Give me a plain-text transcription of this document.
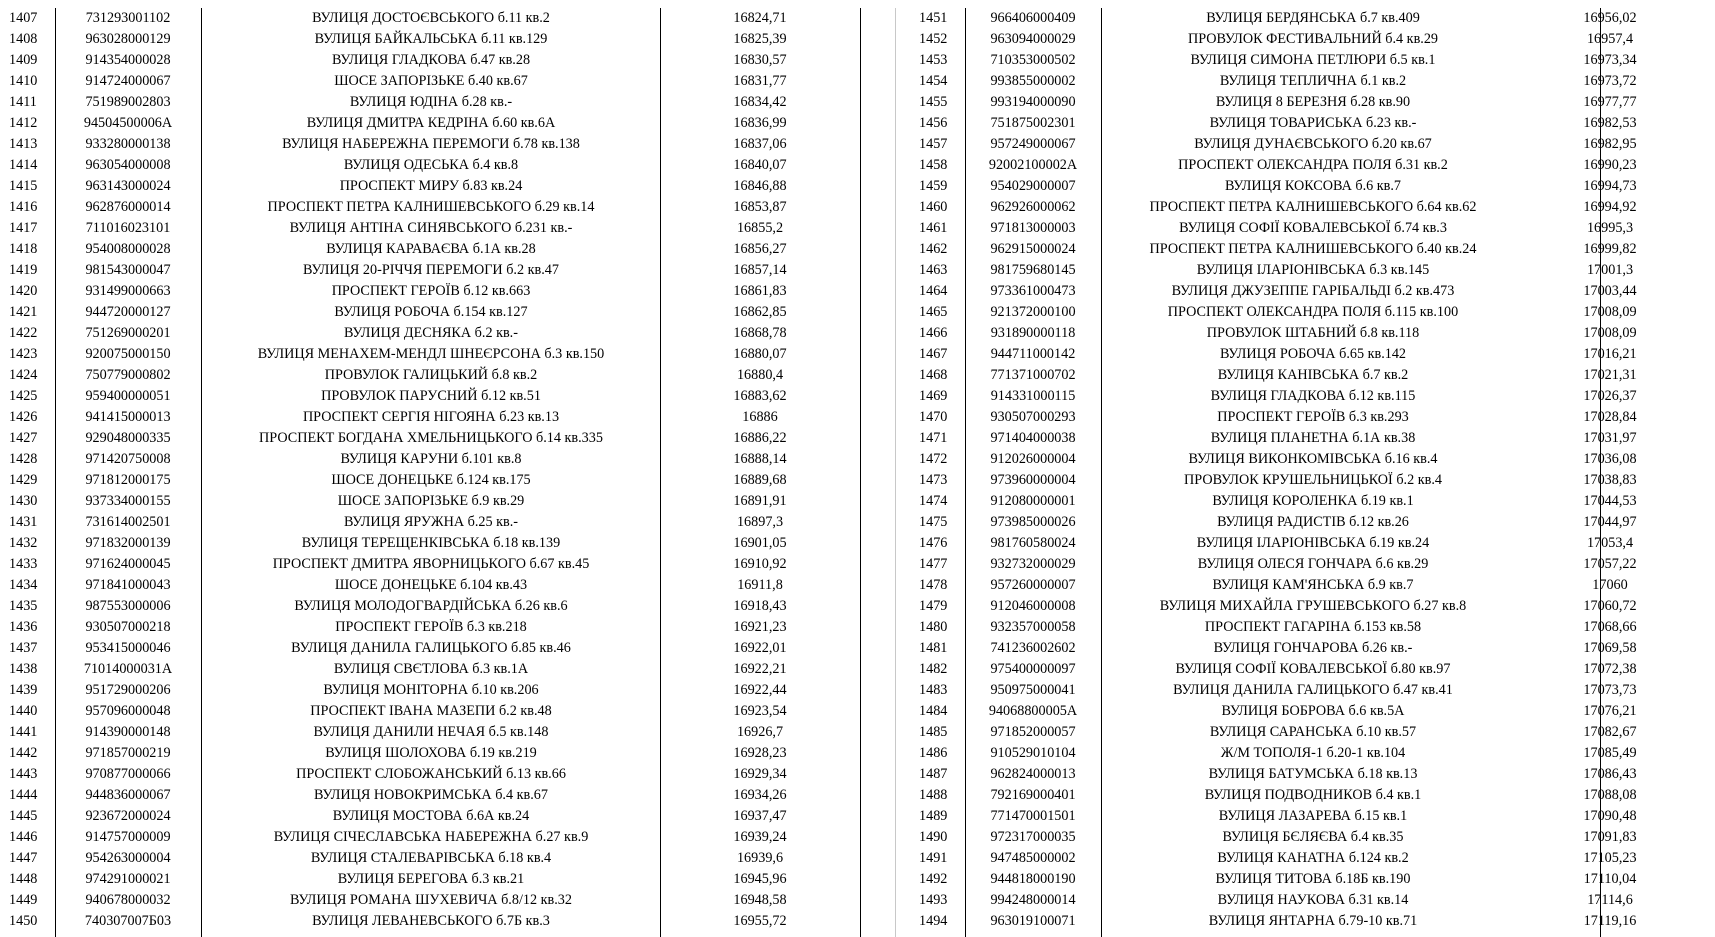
1407	731293001102	ВУЛИЦЯ ДОСТОЄВСЬКОГО б.11 кв.2	16824,71
1408	963028000129	ВУЛИЦЯ БАЙКАЛЬСЬКА б.11 кв.129	16825,39
1409	914354000028	ВУЛИЦЯ ГЛАДКОВА б.47 кв.28	16830,57
1410	914724000067	ШОСЕ ЗАПОРІЗЬКЕ б.40 кв.67	16831,77
1411	751989002803	ВУЛИЦЯ ЮДІНА б.28 кв.-	16834,42
1412	94504500006А	ВУЛИЦЯ ДМИТРА КЕДРІНА б.60 кв.6А	16836,99
1413	933280000138	ВУЛИЦЯ НАБЕРЕЖНА ПЕРЕМОГИ б.78 кв.138	16837,06
1414	963054000008	ВУЛИЦЯ ОДЕСЬКА б.4 кв.8	16840,07
1415	963143000024	ПРОСПЕКТ МИРУ б.83 кв.24	16846,88
1416	962876000014	ПРОСПЕКТ ПЕТРА КАЛНИШЕВСЬКОГО б.29 кв.14	16853,87
1417	711016023101	ВУЛИЦЯ АНТІНА СИНЯВСЬКОГО б.231 кв.-	16855,2
1418	954008000028	ВУЛИЦЯ КАРАВАЄВА б.1А кв.28	16856,27
1419	981543000047	ВУЛИЦЯ 20-РІЧЧЯ ПЕРЕМОГИ б.2 кв.47	16857,14
1420	931499000663	ПРОСПЕКТ ГЕРОЇВ б.12 кв.663	16861,83
1421	944720000127	ВУЛИЦЯ РОБОЧА б.154 кв.127	16862,85
1422	751269000201	ВУЛИЦЯ ДЕСНЯКА б.2 кв.-	16868,78
1423	920075000150	ВУЛИЦЯ МЕНАХЕМ-МЕНДЛ ШНЕЄРСОНА б.3 кв.150	16880,07
1424	750779000802	ПРОВУЛОК ГАЛИЦЬКИЙ б.8 кв.2	16880,4
1425	959400000051	ПРОВУЛОК ПАРУСНИЙ б.12 кв.51	16883,62
1426	941415000013	ПРОСПЕКТ СЕРГІЯ НІГОЯНА б.23 кв.13	16886
1427	929048000335	ПРОСПЕКТ БОГДАНА ХМЕЛЬНИЦЬКОГО б.14 кв.335	16886,22
1428	971420750008	ВУЛИЦЯ КАРУНИ б.101 кв.8	16888,14
1429	971812000175	ШОСЕ ДОНЕЦЬКЕ б.124 кв.175	16889,68
1430	937334000155	ШОСЕ ЗАПОРІЗЬКЕ б.9 кв.29	16891,91
1431	731614002501	ВУЛИЦЯ ЯРУЖНА б.25 кв.-	16897,3
1432	971832000139	ВУЛИЦЯ ТЕРЕЩЕНКІВСЬКА б.18 кв.139	16901,05
1433	971624000045	ПРОСПЕКТ ДМИТРА ЯВОРНИЦЬКОГО б.67 кв.45	16910,92
1434	971841000043	ШОСЕ ДОНЕЦЬКЕ б.104 кв.43	16911,8
1435	987553000006	ВУЛИЦЯ МОЛОДОГВАРДІЙСЬКА б.26 кв.6	16918,43
1436	930507000218	ПРОСПЕКТ ГЕРОЇВ б.3 кв.218	16921,23
1437	953415000046	ВУЛИЦЯ ДАНИЛА ГАЛИЦЬКОГО б.85 кв.46	16922,01
1438	71014000031А	ВУЛИЦЯ СВЄТЛОВА б.3 кв.1А	16922,21
1439	951729000206	ВУЛИЦЯ МОНІТОРНА б.10 кв.206	16922,44
1440	957096000048	ПРОСПЕКТ ІВАНА МАЗЕПИ б.2 кв.48	16923,54
1441	914390000148	ВУЛИЦЯ ДАНИЛИ НЕЧАЯ б.5 кв.148	16926,7
1442	971857000219	ВУЛИЦЯ ШОЛОХОВА б.19 кв.219	16928,23
1443	970877000066	ПРОСПЕКТ СЛОБОЖАНСЬКИЙ б.13 кв.66	16929,34
1444	944836000067	ВУЛИЦЯ НОВОКРИМСЬКА б.4 кв.67	16934,26
1445	923672000024	ВУЛИЦЯ МОСТОВА б.6А кв.24	16937,47
1446	914757000009	ВУЛИЦЯ СІЧЕСЛАВСЬКА НАБЕРЕЖНА б.27 кв.9	16939,24
1447	954263000004	ВУЛИЦЯ СТАЛЕВАРІВСЬКА б.18 кв.4	16939,6
1448	974291000021	ВУЛИЦЯ БЕРЕГОВА б.3 кв.21	16945,96
1449	940678000032	ВУЛИЦЯ РОМАНА ШУХЕВИЧА б.8/12 кв.32	16948,58
1450	740307007Б03	ВУЛИЦЯ ЛЕВАНЕВСЬКОГО б.7Б кв.3	16955,72
1451	966406000409	ВУЛИЦЯ БЕРДЯНСЬКА б.7 кв.409	16956,02
1452	963094000029	ПРОВУЛОК ФЕСТИВАЛЬНИЙ б.4 кв.29	16957,4
1453	710353000502	ВУЛИЦЯ СИМОНА ПЕТЛЮРИ б.5 кв.1	16973,34
1454	993855000002	ВУЛИЦЯ ТЕПЛИЧНА б.1 кв.2	16973,72
1455	993194000090	ВУЛИЦЯ 8 БЕРЕЗНЯ б.28 кв.90	16977,77
1456	751875002301	ВУЛИЦЯ ТОВАРИСЬКА б.23 кв.-	16982,53
1457	957249000067	ВУЛИЦЯ ДУНАЄВСЬКОГО б.20 кв.67	16982,95
1458	92002100002А	ПРОСПЕКТ ОЛЕКСАНДРА ПОЛЯ б.31 кв.2	16990,23
1459	954029000007	ВУЛИЦЯ КОКСОВА б.6 кв.7	16994,73
1460	962926000062	ПРОСПЕКТ ПЕТРА КАЛНИШЕВСЬКОГО б.64 кв.62	16994,92
1461	971813000003	ВУЛИЦЯ СОФІЇ КОВАЛЕВСЬКОЇ б.74 кв.3	16995,3
1462	962915000024	ПРОСПЕКТ ПЕТРА КАЛНИШЕВСЬКОГО б.40 кв.24	16999,82
1463	981759680145	ВУЛИЦЯ ІЛАРІОНІВСЬКА б.3 кв.145	17001,3
1464	973361000473	ВУЛИЦЯ ДЖУЗЕППЕ ГАРІБАЛЬДІ б.2 кв.473	17003,44
1465	921372000100	ПРОСПЕКТ ОЛЕКСАНДРА ПОЛЯ б.115 кв.100	17008,09
1466	931890000118	ПРОВУЛОК ШТАБНИЙ б.8 кв.118	17008,09
1467	944711000142	ВУЛИЦЯ РОБОЧА б.65 кв.142	17016,21
1468	771371000702	ВУЛИЦЯ КАНІВСЬКА б.7 кв.2	17021,31
1469	914331000115	ВУЛИЦЯ ГЛАДКОВА б.12 кв.115	17026,37
1470	930507000293	ПРОСПЕКТ ГЕРОЇВ б.3 кв.293	17028,84
1471	971404000038	ВУЛИЦЯ ПЛАНЕТНА б.1А кв.38	17031,97
1472	912026000004	ВУЛИЦЯ ВИКОНКОМІВСЬКА б.16 кв.4	17036,08
1473	973960000004	ПРОВУЛОК КРУШЕЛЬНИЦЬКОЇ б.2 кв.4	17038,83
1474	912080000001	ВУЛИЦЯ КОРОЛЕНКА б.19 кв.1	17044,53
1475	973985000026	ВУЛИЦЯ РАДИСТІВ б.12 кв.26	17044,97
1476	981760580024	ВУЛИЦЯ ІЛАРІОНІВСЬКА б.19 кв.24	17053,4
1477	932732000029	ВУЛИЦЯ ОЛЕСЯ ГОНЧАРА б.6 кв.29	17057,22
1478	957260000007	ВУЛИЦЯ КАМ'ЯНСЬКА б.9 кв.7	17060
1479	912046000008	ВУЛИЦЯ МИХАЙЛА ГРУШЕВСЬКОГО б.27 кв.8	17060,72
1480	932357000058	ПРОСПЕКТ ГАГАРІНА б.153 кв.58	17068,66
1481	741236002602	ВУЛИЦЯ ГОНЧАРОВА б.26 кв.-	17069,58
1482	975400000097	ВУЛИЦЯ СОФІЇ КОВАЛЕВСЬКОЇ б.80 кв.97	17072,38
1483	950975000041	ВУЛИЦЯ ДАНИЛА ГАЛИЦЬКОГО б.47 кв.41	17073,73
1484	94068800005А	ВУЛИЦЯ БОБРОВА б.6 кв.5А	17076,21
1485	971852000057	ВУЛИЦЯ САРАНСЬКА б.10 кв.57	17082,67
1486	910529010104	Ж/М ТОПОЛЯ-1 б.20-1 кв.104	17085,49
1487	962824000013	ВУЛИЦЯ БАТУМСЬКА б.18 кв.13	17086,43
1488	792169000401	ВУЛИЦЯ ПОДВОДНИКОВ б.4 кв.1	17088,08
1489	771470001501	ВУЛИЦЯ ЛАЗАРЕВА б.15 кв.1	17090,48
1490	972317000035	ВУЛИЦЯ БЄЛЯЄВА б.4 кв.35	17091,83
1491	947485000002	ВУЛИЦЯ КАНАТНА б.124 кв.2	17105,23
1492	944818000190	ВУЛИЦЯ ТИТОВА б.18Б кв.190	17110,04
1493	994248000014	ВУЛИЦЯ НАУКОВА б.31 кв.14	17114,6
1494	963019100071	ВУЛИЦЯ ЯНТАРНА б.79-10 кв.71	17119,16
